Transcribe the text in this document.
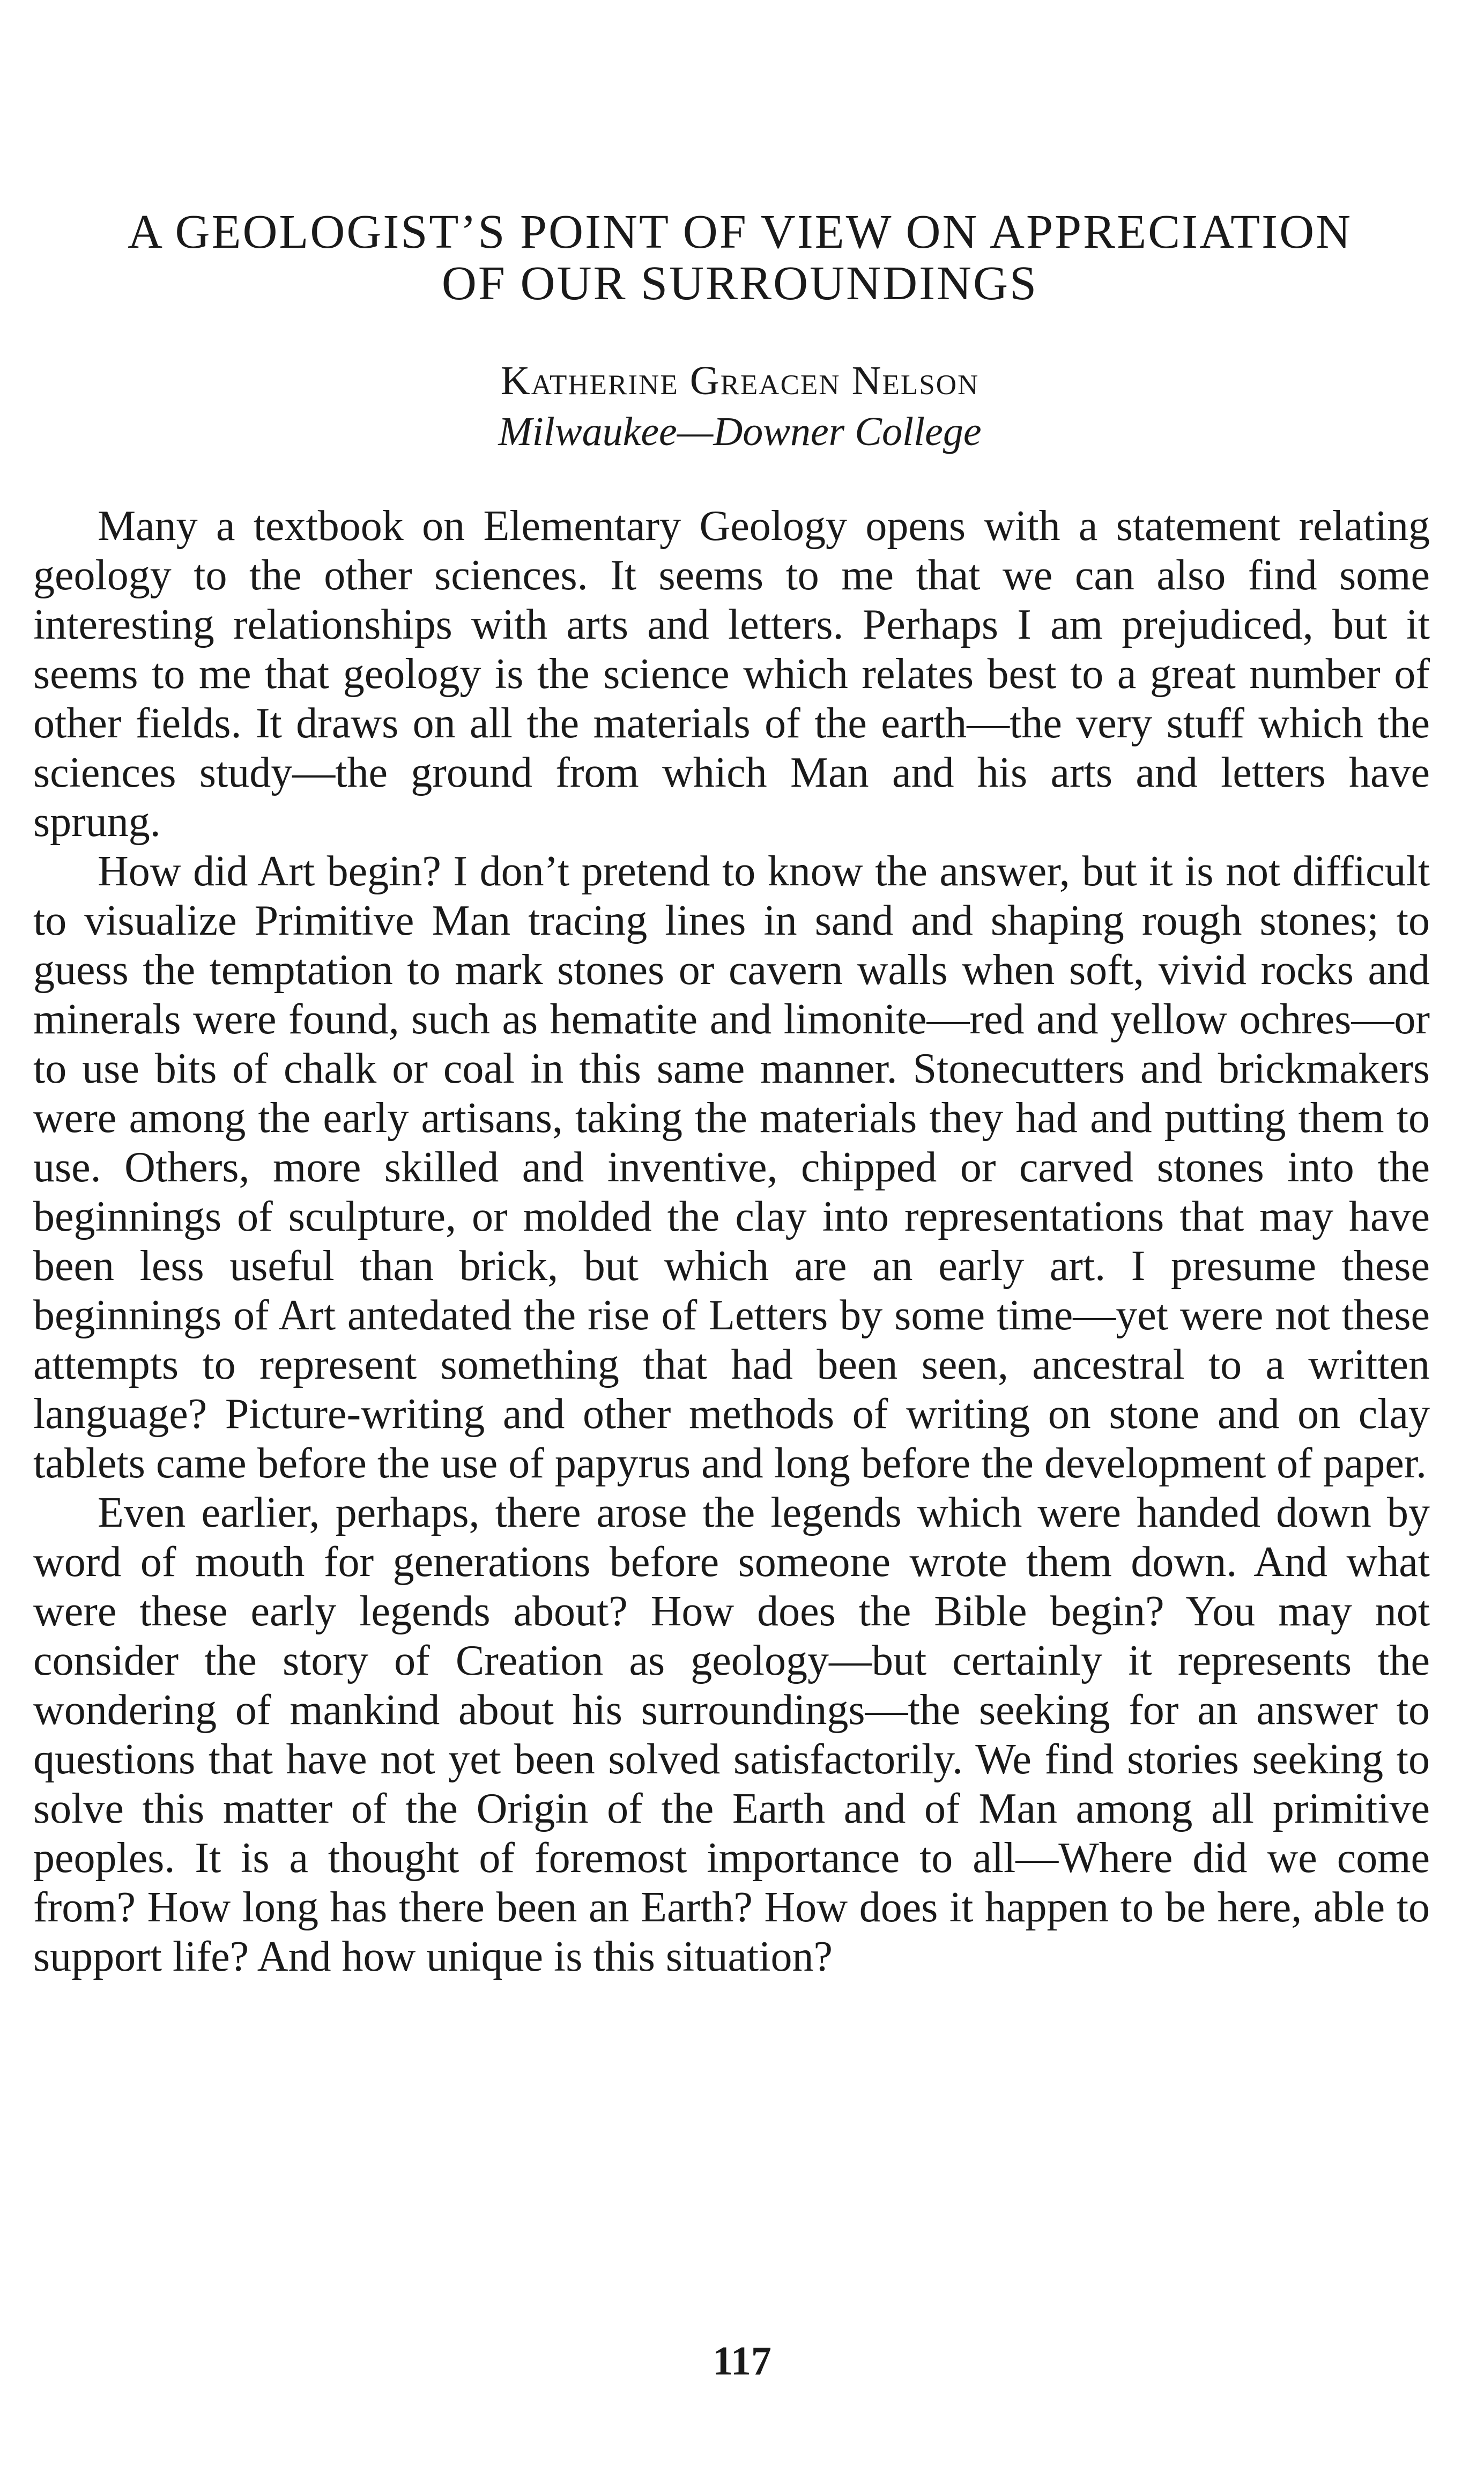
A GEOLOGIST’S POINT OF VIEW ON APPRECIATION
OF OUR SURROUNDINGS
Katherine Greacen Nelson
Milwaukee—Downer College

Many a textbook on Elementary Geology opens with a statement relating geology to the other sciences. It seems to me that we can also find some interesting relationships with arts and letters. Perhaps I am prejudiced, but it seems to me that geology is the science which relates best to a great number of other fields. It draws on all the materials of the earth—the very stuff which the sciences study—the ground from which Man and his arts and letters have sprung.

How did Art begin? I don’t pretend to know the answer, but it is not difficult to visualize Primitive Man tracing lines in sand and shaping rough stones; to guess the temptation to mark stones or cavern walls when soft, vivid rocks and minerals were found, such as hematite and limonite—red and yellow ochres—or to use bits of chalk or coal in this same manner. Stonecutters and brickmakers were among the early artisans, taking the materials they had and putting them to use. Others, more skilled and inventive, chipped or carved stones into the beginnings of sculpture, or molded the clay into representations that may have been less useful than brick, but which are an early art. I presume these beginnings of Art antedated the rise of Letters by some time—yet were not these attempts to represent something that had been seen, ancestral to a written language? Picture-writing and other methods of writing on stone and on clay tablets came before the use of papyrus and long before the development of paper.

Even earlier, perhaps, there arose the legends which were handed down by word of mouth for generations before someone wrote them down. And what were these early legends about? How does the Bible begin? You may not consider the story of Creation as geology—but certainly it represents the wondering of mankind about his surroundings—the seeking for an answer to questions that have not yet been solved satisfactorily. We find stories seeking to solve this matter of the Origin of the Earth and of Man among all primitive peoples. It is a thought of foremost importance to all—Where did we come from? How long has there been an Earth? How does it happen to be here, able to support life? And how unique is this situation?

117
